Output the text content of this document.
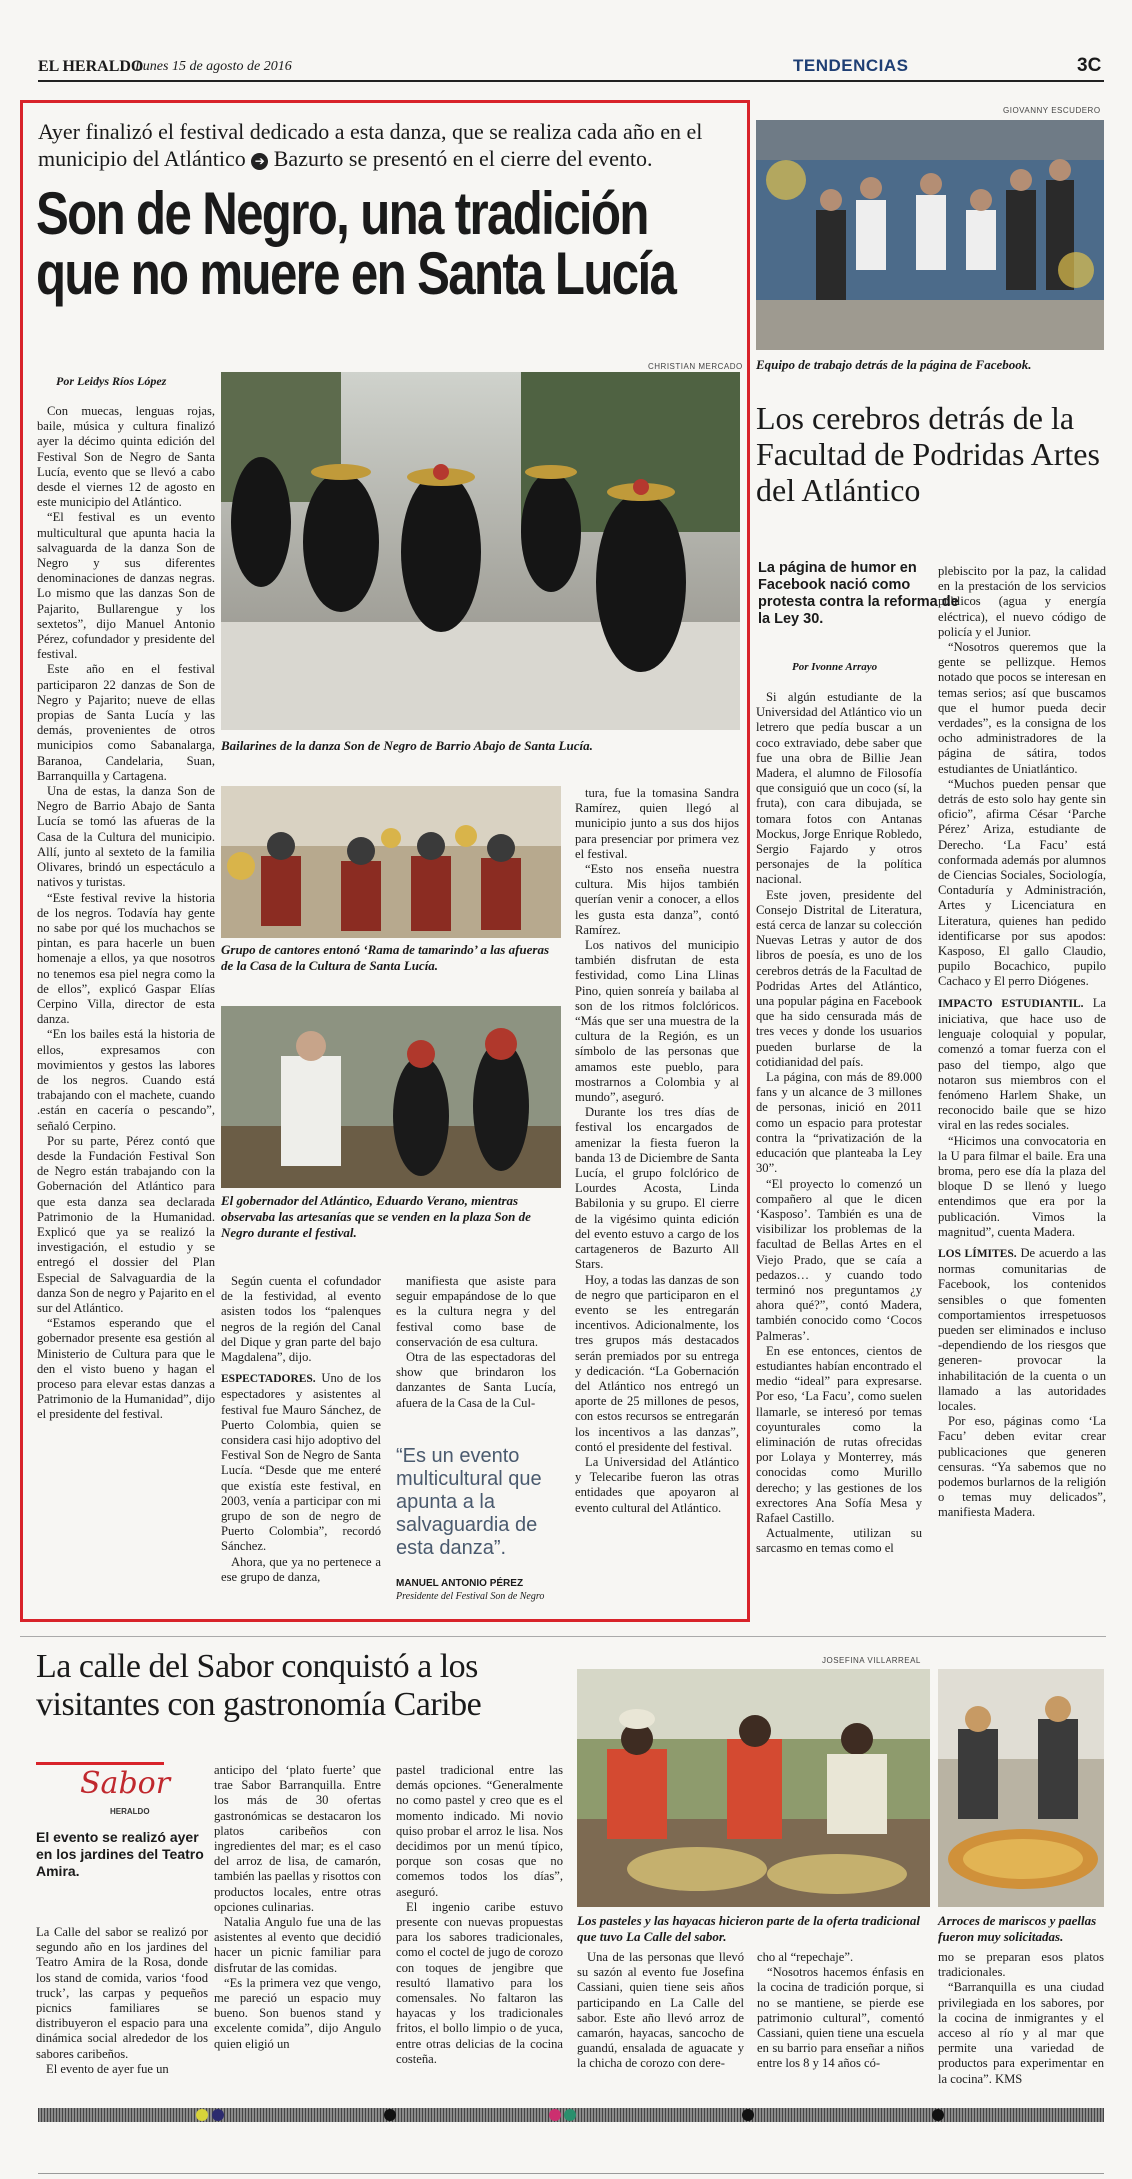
EL HERALDO
Lunes 15 de agosto de 2016	TENDENCIAS	3C
Ayer finalizó el festival dedicado a esta danza, que se realiza cada año en el municipio del Atlántico ➔ Bazurto se presentó en el cierre del evento.
Son de Negro, una tradición
que no muere en Santa Lucía
CHRISTIAN MERCADO
Por Leidys Ríos López
Bailarines de la danza Son de Negro de Barrio Abajo de Santa Lucía.

Con muecas, lenguas rojas, baile, música y cultura finalizó ayer la décimo quinta edición del Festival Son de Negro de Santa Lucía, evento que se llevó a cabo desde el viernes 12 de agosto en este municipio del Atlántico.

“El festival es un evento multicultural que apunta hacia la salvaguarda de la danza Son de Negro y sus diferentes denominaciones de danzas negras. Lo mismo que las danzas Son de Pajarito, Bullarengue y los sextetos”, dijo Manuel Antonio Pérez, cofundador y presidente del festival.

Este año en el festival participaron 22 danzas de Son de Negro y Pajarito; nueve de ellas propias de Santa Lucía y las demás, provenientes de otros municipios como Sabanalarga, Baranoa, Candelaria, Suan, Barranquilla y Cartagena.

Una de estas, la danza Son de Negro de Barrio Abajo de Santa Lucía se tomó las afueras de la Casa de la Cultura del municipio. Allí, junto al sexteto de la familia Olivares, brindó un espectáculo a nativos y turistas.

“Este festival revive la historia de los negros. Todavía hay gente no sabe por qué los muchachos se pintan, es para hacerle un buen homenaje a ellos, ya que nosotros no tenemos esa piel negra como la de ellos”, explicó Gaspar Elías Cerpino Villa, director de esta danza.

“En los bailes está la historia de ellos, expresamos con movimientos y gestos las labores de los negros. Cuando está trabajando con el machete, cuando .están en cacería o pescando”, señaló Cerpino.

Por su parte, Pérez contó que desde la Fundación Festival Son de Negro están trabajando con la Gobernación del Atlántico para que esta danza sea declarada Patrimonio de la Humanidad. Explicó que ya se realizó la investigación, el estudio y se entregó el dossier del Plan Especial de Salvaguardia de la danza Son de negro y Pajarito en el sur del Atlántico.

“Estamos esperando que el gobernador presente esa gestión al Ministerio de Cultura para que le den el visto bueno y hagan el proceso para elevar estas danzas a Patrimonio de la Humanidad”, dijo el presidente del festival.

Grupo de cantores entonó ‘Rama de tamarindo’ a las afueras de la Casa de la Cultura de Santa Lucía.
El gobernador del Atlántico, Eduardo Verano, mientras observaba las artesanías que se venden en la plaza Son de Negro durante el festival.

Según cuenta el cofundador de la festividad, al evento asisten todos los “palenques negros de la región del Canal del Dique y gran parte del bajo Magdalena”, dijo.

ESPECTADORES. Uno de los espectadores y asistentes al festival fue Mauro Sánchez, de Puerto Colombia, quien se considera casi hijo adoptivo del Festival Son de Negro de Santa Lucía. “Desde que me enteré que existía este festival, en 2003, venía a participar con mi grupo de son de negro de Puerto Colombia”, recordó Sánchez.

Ahora, que ya no pertenece a ese grupo de danza,

manifiesta que asiste para seguir empapándose de lo que es la cultura negra y del festival como base de conservación de esa cultura.

Otra de las espectadoras del show que brindaron los danzantes de Santa Lucía, afuera de la Casa de la Cul-

“Es un evento multicultural que apunta a la salvaguardia de esta danza”.
MANUEL ANTONIO PÉREZ
Presidente del Festival Son de Negro

tura, fue la tomasina Sandra Ramírez, quien llegó al municipio junto a sus dos hijos para presenciar por primera vez el festival.

“Esto nos enseña nuestra cultura. Mis hijos también querían venir a conocer, a ellos les gusta esta danza”, contó Ramírez.

Los nativos del municipio también disfrutan de esta festividad, como Lina Llinas Pino, quien sonreía y bailaba al son de los ritmos folclóricos. “Más que ser una muestra de la cultura de la Región, es un símbolo de las personas que amamos este pueblo, para mostrarnos a Colombia y al mundo”, aseguró.

Durante los tres días de festival los encargados de amenizar la fiesta fueron la banda 13 de Diciembre de Santa Lucía, el grupo folclórico de Lourdes Acosta, Linda Babilonia y su grupo. El cierre de la vigésimo quinta edición del evento estuvo a cargo de los cartageneros de Bazurto All Stars.

Hoy, a todas las danzas de son de negro que participaron en el evento se les entregarán incentivos. Adicionalmente, los tres grupos más destacados serán premiados por su entrega y dedicación. “La Gobernación del Atlántico nos entregó un aporte de 25 millones de pesos, con estos recursos se entregarán los incentivos a las danzas”, contó el presidente del festival.

La Universidad del Atlántico y Telecaribe fueron las otras entidades que apoyaron al evento cultural del Atlántico.

GIOVANNY ESCUDERO
Equipo de trabajo detrás de la página de Facebook.
Los cerebros detrás de la Facultad de Podridas Artes del Atlántico
La página de humor en Facebook nació como protesta contra la reforma de la Ley 30.
Por Ivonne Arrayo

Si algún estudiante de la Universidad del Atlántico vio un letrero que pedía buscar a un coco extraviado, debe saber que fue una obra de Billie Jean Madera, el alumno de Filosofía que consiguió que un coco (sí, la fruta), con cara dibujada, se tomara fotos con Antanas Mockus, Jorge Enrique Robledo, Sergio Fajardo y otros personajes de la política nacional.

Este joven, presidente del Consejo Distrital de Literatura, está cerca de lanzar su colección Nuevas Letras y autor de dos libros de poesía, es uno de los cerebros detrás de la Facultad de Podridas Artes del Atlántico, una popular página en Facebook que ha sido censurada más de tres veces y donde los usuarios pueden burlarse de la cotidianidad del país.

La página, con más de 89.000 fans y un alcance de 3 millones de personas, inició en 2011 como un espacio para protestar contra la “privatización de la educación que planteaba la Ley 30”.

“El proyecto lo comenzó un compañero al que le dicen ‘Kasposo’. También es una de visibilizar los problemas de la facultad de Bellas Artes en el Viejo Prado, que se caía a pedazos… y cuando todo terminó nos preguntamos ¿y ahora qué?”, contó Madera, también conocido como ‘Cocos Palmeras’.

En ese entonces, cientos de estudiantes habían encontrado el medio “ideal” para expresarse. Por eso, ‘La Facu’, como suelen llamarle, se interesó por temas coyunturales como la eliminación de rutas ofrecidas por Lolaya y Monterrey, más conocidas como Murillo derecho; y las gestiones de los exrectores Ana Sofía Mesa y Rafael Castillo.

Actualmente, utilizan su sarcasmo en temas como el

plebiscito por la paz, la calidad en la prestación de los servicios públicos (agua y energía eléctrica), el nuevo código de policía y el Junior.

“Nosotros queremos que la gente se pellizque. Hemos notado que pocos se interesan en temas serios; así que buscamos que el humor pueda decir verdades”, es la consigna de los ocho administradores de la página de sátira, todos estudiantes de Uniatlántico.

“Muchos pueden pensar que detrás de esto solo hay gente sin oficio”, afirma César ‘Parche Pérez’ Ariza, estudiante de Derecho. ‘La Facu’ está conformada además por alumnos de Ciencias Sociales, Sociología, Contaduría y Administración, Artes y Licenciatura en Literatura, quienes han pedido identificarse por sus apodos: Kasposo, El gallo Claudio, pupilo Bocachico, pupilo Cachaco y El perro Diógenes.

IMPACTO ESTUDIANTIL. La iniciativa, que hace uso de lenguaje coloquial y popular, comenzó a tomar fuerza con el paso del tiempo, algo que notaron sus miembros con el fenómeno Harlem Shake, un reconocido baile que se hizo viral en las redes sociales.

“Hicimos una convocatoria en la U para filmar el baile. Era una broma, pero ese día la plaza del bloque D se llenó y luego entendimos que era por la publicación. Vimos la magnitud”, cuenta Madera.

LOS LÍMITES. De acuerdo a las normas comunitarias de Facebook, los contenidos sensibles o que fomenten comportamientos irrespetuosos pueden ser eliminados e incluso -dependiendo de los riesgos que generen- provocar la inhabilitación de la cuenta o un llamado a las autoridades locales.

Por eso, páginas como ‘La Facu’ deben evitar crear publicaciones que generen censuras. “Ya sabemos que no podemos burlarnos de la religión o temas muy delicados”, manifiesta Madera.

La calle del Sabor conquistó a los visitantes con gastronomía Caribe
Sabor
HERALDO
El evento se realizó ayer en los jardines del Teatro Amira.

La Calle del sabor se realizó por segundo año en los jardines del Teatro Amira de la Rosa, donde los stand de comida, varios ‘food truck’, las carpas y pequeños picnics familiares se distribuyeron el espacio para una dinámica social alrededor de los sabores caribeños.

El evento de ayer fue un

anticipo del ‘plato fuerte’ que trae Sabor Barranquilla. Entre los más de 30 ofertas gastronómicas se destacaron los platos caribeños con ingredientes del mar; es el caso del arroz de lisa, de camarón, también las paellas y risottos con productos locales, entre otras opciones culinarias.

Natalia Angulo fue una de las asistentes al evento que decidió hacer un picnic familiar para disfrutar de las comidas.

“Es la primera vez que vengo, me pareció un espacio muy bueno. Son buenos stand y excelente comida”, dijo Angulo quien eligió un

pastel tradicional entre las demás opciones. “Generalmente no como pastel y creo que es el momento indicado. Mi novio quiso probar el arroz le lisa. Nos decidimos por un menú típico, porque son cosas que no comemos todos los días”, aseguró.

El ingenio caribe estuvo presente con nuevas propuestas para los sabores tradicionales, como el coctel de jugo de corozo con toques de jengibre que resultó llamativo para los comensales. No faltaron las hayacas y los tradicionales fritos, el bollo limpio o de yuca, entre otras delicias de la cocina costeña.

JOSEFINA VILLARREAL
Los pasteles y las hayacas hicieron parte de la oferta tradicional que tuvo La Calle del sabor.
Arroces de mariscos y paellas fueron muy solicitadas.

Una de las personas que llevó su sazón al evento fue Josefina Cassiani, quien tiene seis años participando en La Calle del sabor. Este año llevó arroz de camarón, hayacas, sancocho de guandú, ensalada de aguacate y la chicha de corozo con dere-

cho al “repechaje”.

“Nosotros hacemos énfasis en la cocina de tradición porque, si no se mantiene, se pierde ese patrimonio cultural”, comentó Cassiani, quien tiene una escuela en su barrio para enseñar a niños entre los 8 y 14 años có-

mo se preparan esos platos tradicionales.

“Barranquilla es una ciudad privilegiada en los sabores, por la cocina de inmigrantes y el acceso al río y al mar que permite una variedad de productos para experimentar en la cocina”. KMS
